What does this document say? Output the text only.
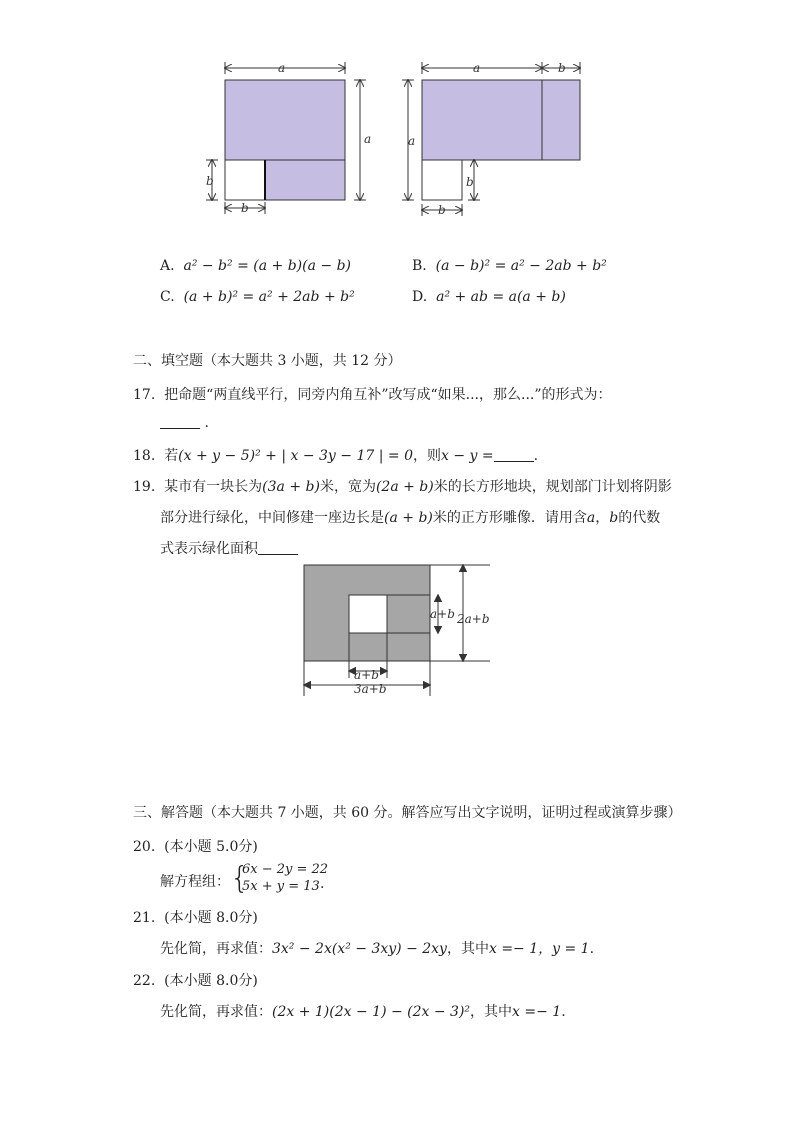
a
a
b
b
a	b
a
b
b
A. a² − b² = (a + b)(a − b)	B. (a − b)² = a² − 2ab + b²
C. (a + b)² = a² + 2ab + b²	D. a² + ab = a(a + b)
二、填空题（本大题共 3 小题，共 12 分）
17. 把命题“两直线平行，同旁内角互补”改写成“如果...，那么...”的形式为：
.
18. 若(x + y − 5)² + | x − 3y − 17 | = 0，则x − y =	.
19. 某市有一块长为(3a + b)米，宽为(2a + b)米的长方形地块，规划部门计划将阴影
部分进行绿化，中间修建一座边长是(a + b)米的正方形雕像．请用含a，b的代数
式表示绿化面积
2a+b
a+b
a+b
3a+b
三、解答题（本大题共 7 小题，共 60 分。解答应写出文字说明，证明过程或演算步骤）
20. (本小题 5.0分)
解方程组： {
6x − 2y = 22
5x + y = 13 .
21. (本小题 8.0分)
先化简，再求值：3x² − 2x(x² − 3xy) − 2xy，其中x =− 1，y = 1.
22. (本小题 8.0分)
先化简，再求值：(2x + 1)(2x − 1) − (2x − 3)²，其中x =− 1.
